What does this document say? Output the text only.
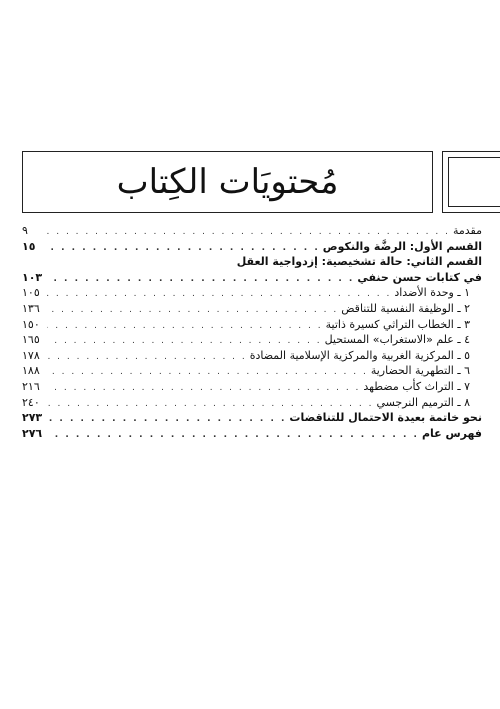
مُحتويَات الكِتاب
مقدمة
. . .
٩
القسم الأول: الرضَّة والنكوص
. . .
١٥
القسم الثاني: حالة تشخيصية: إزدواجية العقل
في كتابات حسن حنفي
. . .
١٠٣
١ ـ وحدة الأضداد
. . .
١٠٥
٢ ـ الوظيفة النفسية للتناقض
. . .
١٣٦
٣ ـ الخطاب التراثي كسيرة ذاتية
. . .
١٥٠
٤ ـ علم «الاستغراب» المستحيل
. . .
١٦٥
٥ ـ المركزية الغربية والمركزية الإسلامية المضادة
. . .
١٧٨
٦ ـ التطهرية الحضارية
. . .
١٨٨
٧ ـ التراث كأب مضطهد
. . .
٢١٦
٨ ـ الترميم النرجسي
. . .
٢٤٠
نحو خاتمة بعيدة الاحتمال للتناقضات
. . .
٢٧٣
فهرس عام
. . .
٢٧٦
